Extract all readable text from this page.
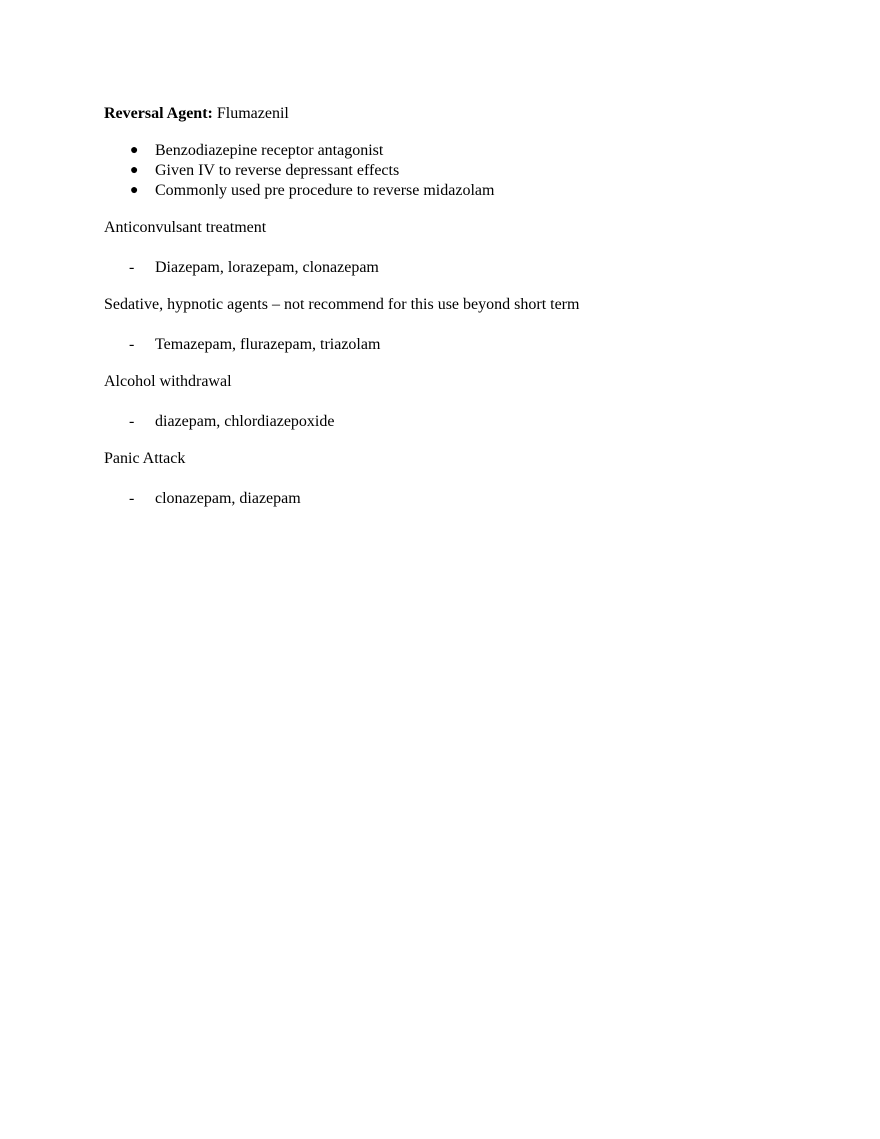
Reversal Agent: Flumazenil
● Benzodiazepine receptor antagonist
● Given IV to reverse depressant effects
● Commonly used pre procedure to reverse midazolam
Anticonvulsant treatment
- Diazepam, lorazepam, clonazepam
Sedative, hypnotic agents – not recommend for this use beyond short term
- Temazepam, flurazepam, triazolam
Alcohol withdrawal
- diazepam, chlordiazepoxide
Panic Attack
- clonazepam, diazepam
